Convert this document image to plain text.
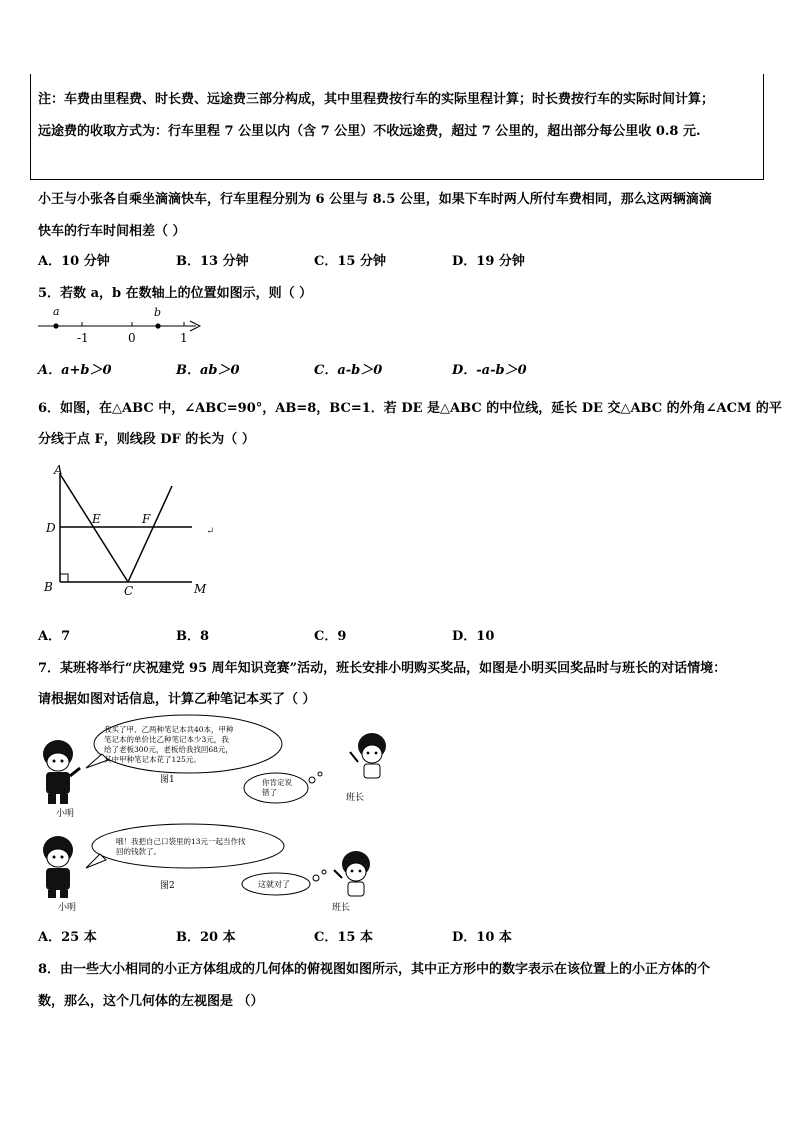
注：车费由里程费、时长费、远途费三部分构成，其中里程费按行车的实际里程计算；时长费按行车的实际时间计算；
远途费的收取方式为：行车里程 7 公里以内（含 7 公里）不收远途费，超过 7 公里的，超出部分每公里收 0.8 元.
小王与小张各自乘坐滴滴快车，行车里程分别为 6 公里与 8.5 公里，如果下车时两人所付车费相同，那么这两辆滴滴
快车的行车时间相差（ ）
A．10 分钟	B．13 分钟	C．15 分钟	D．19 分钟
5．若数 a，b 在数轴上的位置如图示，则（ ）
a	b
-1	0	1
A．a+b＞0	B．ab＞0	C．a-b＞0	D．-a-b＞0
6．如图，在△ABC 中，∠ABC=90°，AB=8，BC=1．若 DE 是△ABC 的中位线，延长 DE 交△ABC 的外角∠ACM 的平
分线于点 F，则线段 DF 的长为（ ）
A
D
E	F
B	C	M
↵
A．7	B．8	C．9	D．10
7．某班将举行“庆祝建党 95 周年知识竞赛”活动，班长安排小明购买奖品，如图是小明买回奖品时与班长的对话情境：
请根据如图对话信息，计算乙种笔记本买了（ ）
我买了甲、乙两种笔记本共40本，甲种
笔记本的单价比乙种笔记本少3元，我
给了老板300元，老板给我找回68元，
其中甲种笔记本花了125元。
图1	你肯定说
错了
小明
班长
哦！我把自己口袋里的13元一起当作找
回的钱款了。
图2	这就对了
小明	班长
A．25 本	B．20 本	C．15 本	D．10 本
8．由一些大小相同的小正方体组成的几何体的俯视图如图所示，其中正方形中的数字表示在该位置上的小正方体的个
数，那么，这个几何体的左视图是 （）
